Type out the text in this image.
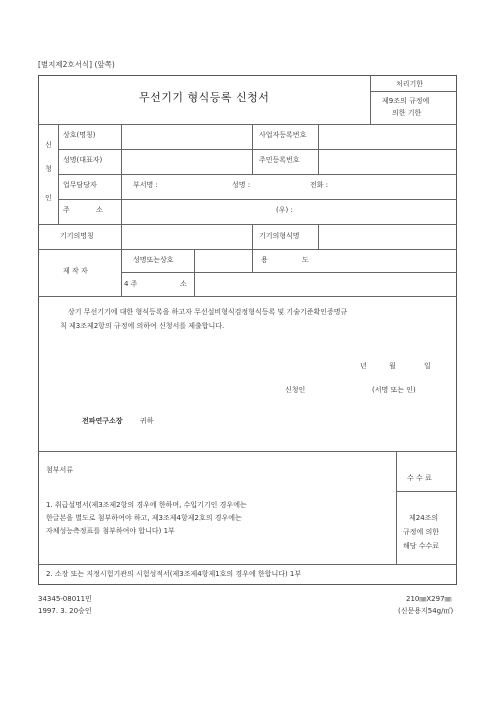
[별지제2호서식] (앞쪽)
무선기기 형식등록 신청서
처리기한
제9조의 규정에
의한 기한
신
청
인
상호(명칭)	사업자등록번호
성명(대표자)	주민등록번호
업무담당자	부서명 :	성명 :	전화 :
주	소	(우) :
기기의명칭	기기의형식명
제 작 자
성명또는상호	용	도
4 주	소
상기 무선기기에 대한 형식등록을 하고자 무선설비형식검정형식등록 및 기술기준확인증명규
칙 제3조제2항의 규정에 의하여 신청서를 제출합니다.
년	월	일
신청인	(서명 또는 인)
전파연구소장 귀하
첨부서류
1. 취급설명서(제3조제2항의 경우에 한하며, 수입기기인 경우에는
한글본을 별도로 첨부하여야 하고, 제3조제4항제2호의 경우에는
자체성능측정표를 첨부하여야 합니다) 1부
2. 소장 또는 지정시험기관의 시험성적서(제3조제4항제1호의 경우에 한합니다) 1부
수 수 료
제24조의
규정에 의한
해당 수수료
34345-08011민
1997. 3. 20승인
210㎜X297㎜
(신문용지54g/㎡)
